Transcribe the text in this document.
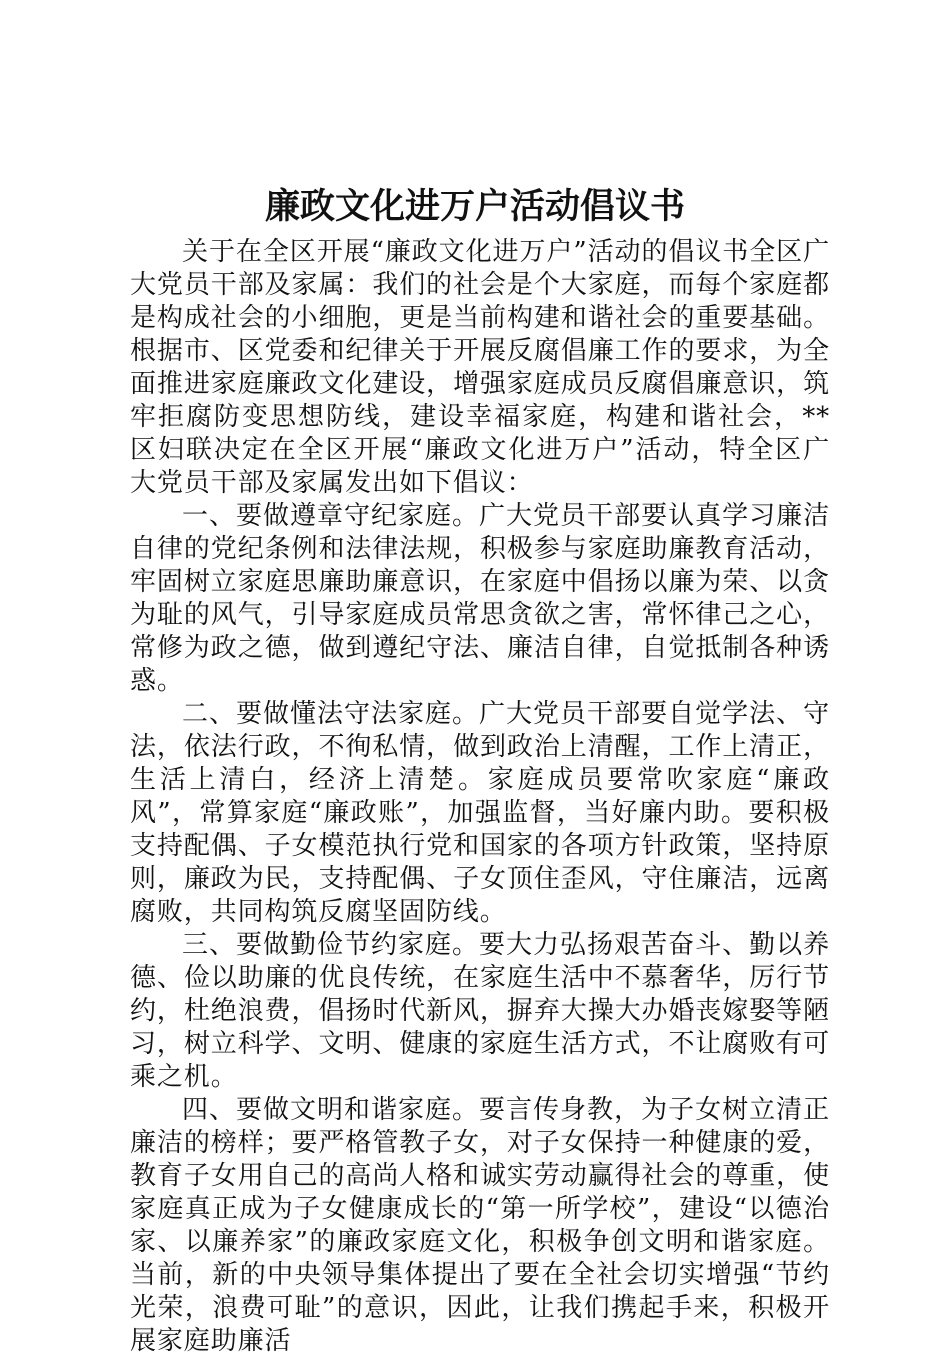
廉政文化进万户活动倡议书

关于在全区开展“廉政文化进万户”活动的倡议书全区广大党员干部及家属：我们的社会是个大家庭，而每个家庭都是构成社会的小细胞，更是当前构建和谐社会的重要基础。根据市、区党委和纪律关于开展反腐倡廉工作的要求，为全面推进家庭廉政文化建设，增强家庭成员反腐倡廉意识，筑牢拒腐防变思想防线，建设幸福家庭，构建和谐社会，**区妇联决定在全区开展“廉政文化进万户”活动，特全区广大党员干部及家属发出如下倡议：

一、要做遵章守纪家庭。广大党员干部要认真学习廉洁自律的党纪条例和法律法规，积极参与家庭助廉教育活动，牢固树立家庭思廉助廉意识，在家庭中倡扬以廉为荣、以贪为耻的风气，引导家庭成员常思贪欲之害，常怀律己之心，常修为政之德，做到遵纪守法、廉洁自律，自觉抵制各种诱惑。

二、要做懂法守法家庭。广大党员干部要自觉学法、守法，依法行政，不徇私情，做到政治上清醒，工作上清正，生活上清白，经济上清楚。家庭成员要常吹家庭“廉政风”，常算家庭“廉政账”，加强监督，当好廉内助。要积极支持配偶、子女模范执行党和国家的各项方针政策，坚持原则，廉政为民，支持配偶、子女顶住歪风，守住廉洁，远离腐败，共同构筑反腐坚固防线。

三、要做勤俭节约家庭。要大力弘扬艰苦奋斗、勤以养德、俭以助廉的优良传统，在家庭生活中不慕奢华，厉行节约，杜绝浪费，倡扬时代新风，摒弃大操大办婚丧嫁娶等陋习，树立科学、文明、健康的家庭生活方式，不让腐败有可乘之机。

四、要做文明和谐家庭。要言传身教，为子女树立清正廉洁的榜样；要严格管教子女，对子女保持一种健康的爱，教育子女用自己的高尚人格和诚实劳动赢得社会的尊重，使家庭真正成为子女健康成长的“第一所学校”，建设“以德治家、以廉养家”的廉政家庭文化，积极争创文明和谐家庭。当前，新的中央领导集体提出了要在全社会切实增强“节约光荣，浪费可耻”的意识，因此，让我们携起手来，积极开展家庭助廉活
